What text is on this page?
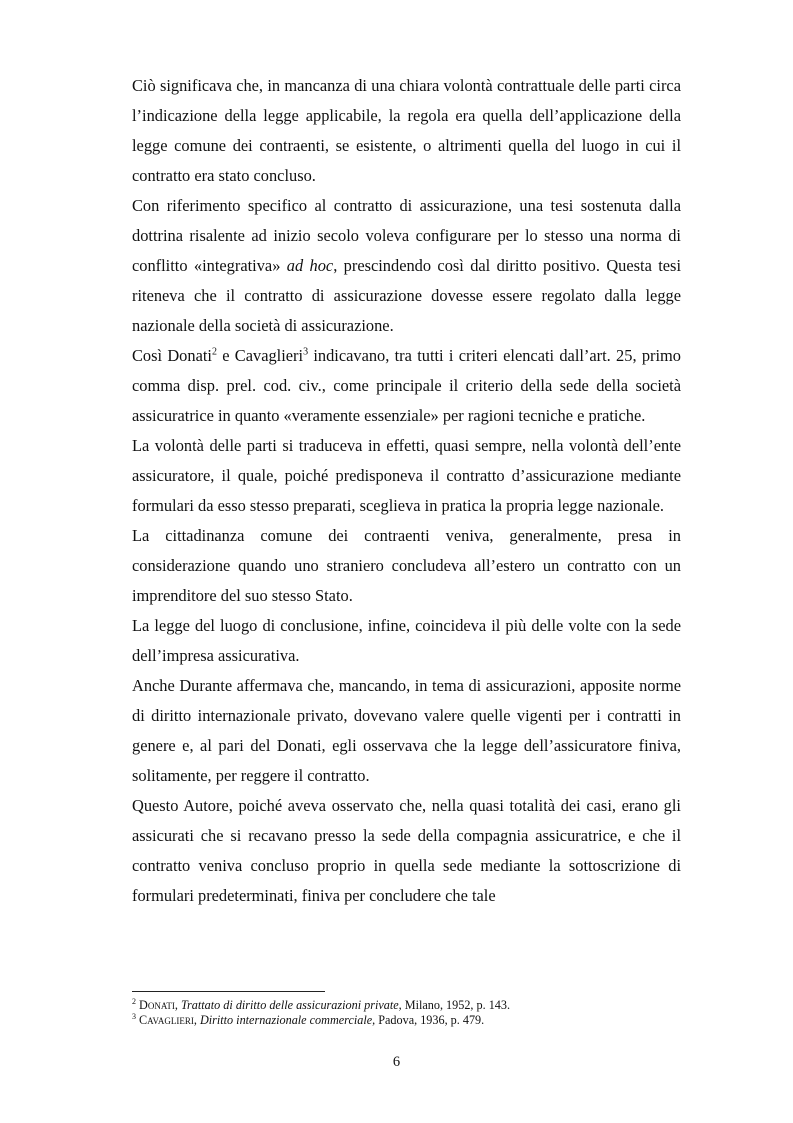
Ciò significava che, in mancanza di una chiara volontà contrattuale delle parti circa l’indicazione della legge applicabile, la regola era quella dell’applicazione della legge comune dei contraenti, se esistente, o altrimenti quella del luogo in cui il contratto era stato concluso.

Con riferimento specifico al contratto di assicurazione, una tesi sostenuta dalla dottrina risalente ad inizio secolo voleva configurare per lo stesso una norma di conflitto «integrativa» ad hoc, prescindendo così dal diritto positivo. Questa tesi riteneva che il contratto di assicurazione dovesse essere regolato dalla legge nazionale della società di assicurazione.

Così Donati$^2$ e Cavaglieri$^3$ indicavano, tra tutti i criteri elencati dall’art. 25, primo comma disp. prel. cod. civ., come principale il criterio della sede della società assicuratrice in quanto «veramente essenziale» per ragioni tecniche e pratiche.

La volontà delle parti si traduceva in effetti, quasi sempre, nella volontà dell’ente assicuratore, il quale, poiché predisponeva il contratto d’assicurazione mediante formulari da esso stesso preparati, sceglieva in pratica la propria legge nazionale.

La cittadinanza comune dei contraenti veniva, generalmente, presa in considerazione quando uno straniero concludeva all’estero un contratto con un imprenditore del suo stesso Stato.

La legge del luogo di conclusione, infine, coincideva il più delle volte con la sede dell’impresa assicurativa.

Anche Durante affermava che, mancando, in tema di assicurazioni, apposite norme di diritto internazionale privato, dovevano valere quelle vigenti per i contratti in genere e, al pari del Donati, egli osservava che la legge dell’assicuratore finiva, solitamente, per reggere il contratto.

Questo Autore, poiché aveva osservato che, nella quasi totalità dei casi, erano gli assicurati che si recavano presso la sede della compagnia assicuratrice, e che il contratto veniva concluso proprio in quella sede mediante la sottoscrizione di formulari predeterminati, finiva per concludere che tale

$^2$ Donati, Trattato di diritto delle assicurazioni private, Milano, 1952, p. 143.

$^3$ Cavaglieri, Diritto internazionale commerciale, Padova, 1936, p. 479.

6
